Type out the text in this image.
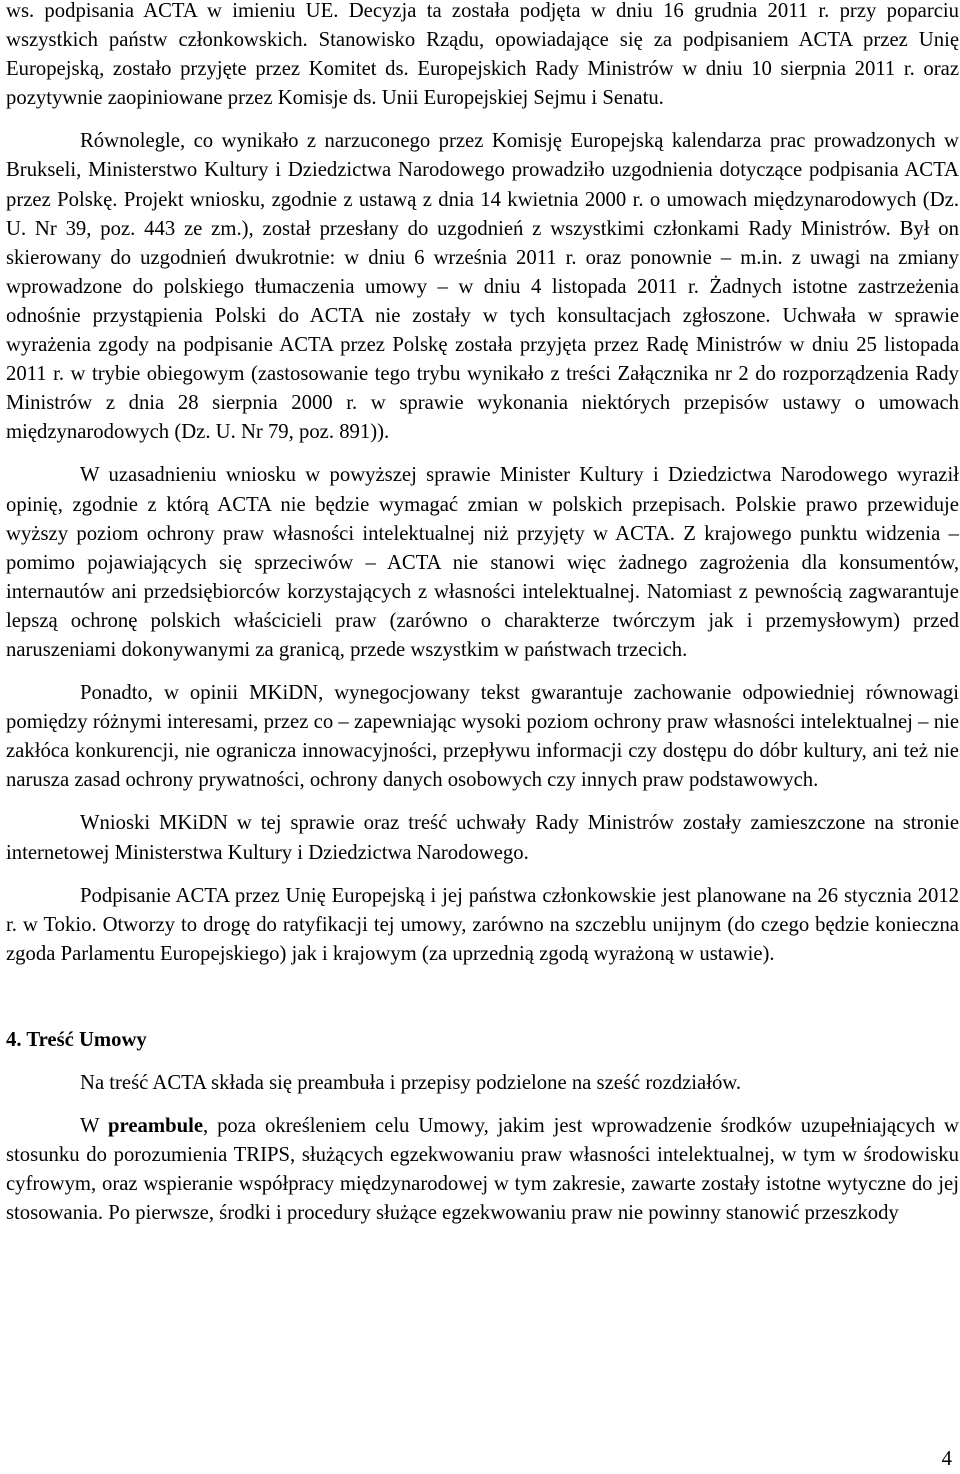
ws. podpisania ACTA w imieniu UE. Decyzja ta została podjęta w dniu 16 grudnia 2011 r. przy poparciu wszystkich państw członkowskich. Stanowisko Rządu, opowiadające się za podpisaniem ACTA przez Unię Europejską, zostało przyjęte przez Komitet ds. Europejskich Rady Ministrów w dniu 10 sierpnia 2011 r. oraz pozytywnie zaopiniowane przez Komisje ds. Unii Europejskiej Sejmu i Senatu.

Równolegle, co wynikało z narzuconego przez Komisję Europejską kalendarza prac prowadzonych w Brukseli, Ministerstwo Kultury i Dziedzictwa Narodowego prowadziło uzgodnienia dotyczące podpisania ACTA przez Polskę. Projekt wniosku, zgodnie z ustawą z dnia 14 kwietnia 2000 r. o umowach międzynarodowych (Dz. U. Nr 39, poz. 443 ze zm.), został przesłany do uzgodnień z wszystkimi członkami Rady Ministrów. Był on skierowany do uzgodnień dwukrotnie: w dniu 6 września 2011 r. oraz ponownie – m.in. z uwagi na zmiany wprowadzone do polskiego tłumaczenia umowy – w dniu 4 listopada 2011 r. Żadnych istotne zastrzeżenia odnośnie przystąpienia Polski do ACTA nie zostały w tych konsultacjach zgłoszone. Uchwała w sprawie wyrażenia zgody na podpisanie ACTA przez Polskę została przyjęta przez Radę Ministrów w dniu 25 listopada 2011 r. w trybie obiegowym (zastosowanie tego trybu wynikało z treści Załącznika nr 2 do rozporządzenia Rady Ministrów z dnia 28 sierpnia 2000 r. w sprawie wykonania niektórych przepisów ustawy o umowach międzynarodowych (Dz. U. Nr 79, poz. 891)).

W uzasadnieniu wniosku w powyższej sprawie Minister Kultury i Dziedzictwa Narodowego wyraził opinię, zgodnie z którą ACTA nie będzie wymagać zmian w polskich przepisach. Polskie prawo przewiduje wyższy poziom ochrony praw własności intelektualnej niż przyjęty w ACTA. Z krajowego punktu widzenia – pomimo pojawiających się sprzeciwów – ACTA nie stanowi więc żadnego zagrożenia dla konsumentów, internautów ani przedsiębiorców korzystających z własności intelektualnej. Natomiast z pewnością zagwarantuje lepszą ochronę polskich właścicieli praw (zarówno o charakterze twórczym jak i przemysłowym) przed naruszeniami dokonywanymi za granicą, przede wszystkim w państwach trzecich.

Ponadto, w opinii MKiDN, wynegocjowany tekst gwarantuje zachowanie odpowiedniej równowagi pomiędzy różnymi interesami, przez co – zapewniając wysoki poziom ochrony praw własności intelektualnej – nie zakłóca konkurencji, nie ogranicza innowacyjności, przepływu informacji czy dostępu do dóbr kultury, ani też nie narusza zasad ochrony prywatności, ochrony danych osobowych czy innych praw podstawowych.

Wnioski MKiDN w tej sprawie oraz treść uchwały Rady Ministrów zostały zamieszczone na stronie internetowej Ministerstwa Kultury i Dziedzictwa Narodowego.

Podpisanie ACTA przez Unię Europejską i jej państwa członkowskie jest planowane na 26 stycznia 2012 r. w Tokio. Otworzy to drogę do ratyfikacji tej umowy, zarówno na szczeblu unijnym (do czego będzie konieczna zgoda Parlamentu Europejskiego) jak i krajowym (za uprzednią zgodą wyrażoną w ustawie).

4. Treść Umowy

Na treść ACTA składa się preambuła i przepisy podzielone na sześć rozdziałów.

W preambule, poza określeniem celu Umowy, jakim jest wprowadzenie środków uzupełniających w stosunku do porozumienia TRIPS, służących egzekwowaniu praw własności intelektualnej, w tym w środowisku cyfrowym, oraz wspieranie współpracy międzynarodowej w tym zakresie, zawarte zostały istotne wytyczne do jej stosowania. Po pierwsze, środki i procedury służące egzekwowaniu praw nie powinny stanowić przeszkody

4
